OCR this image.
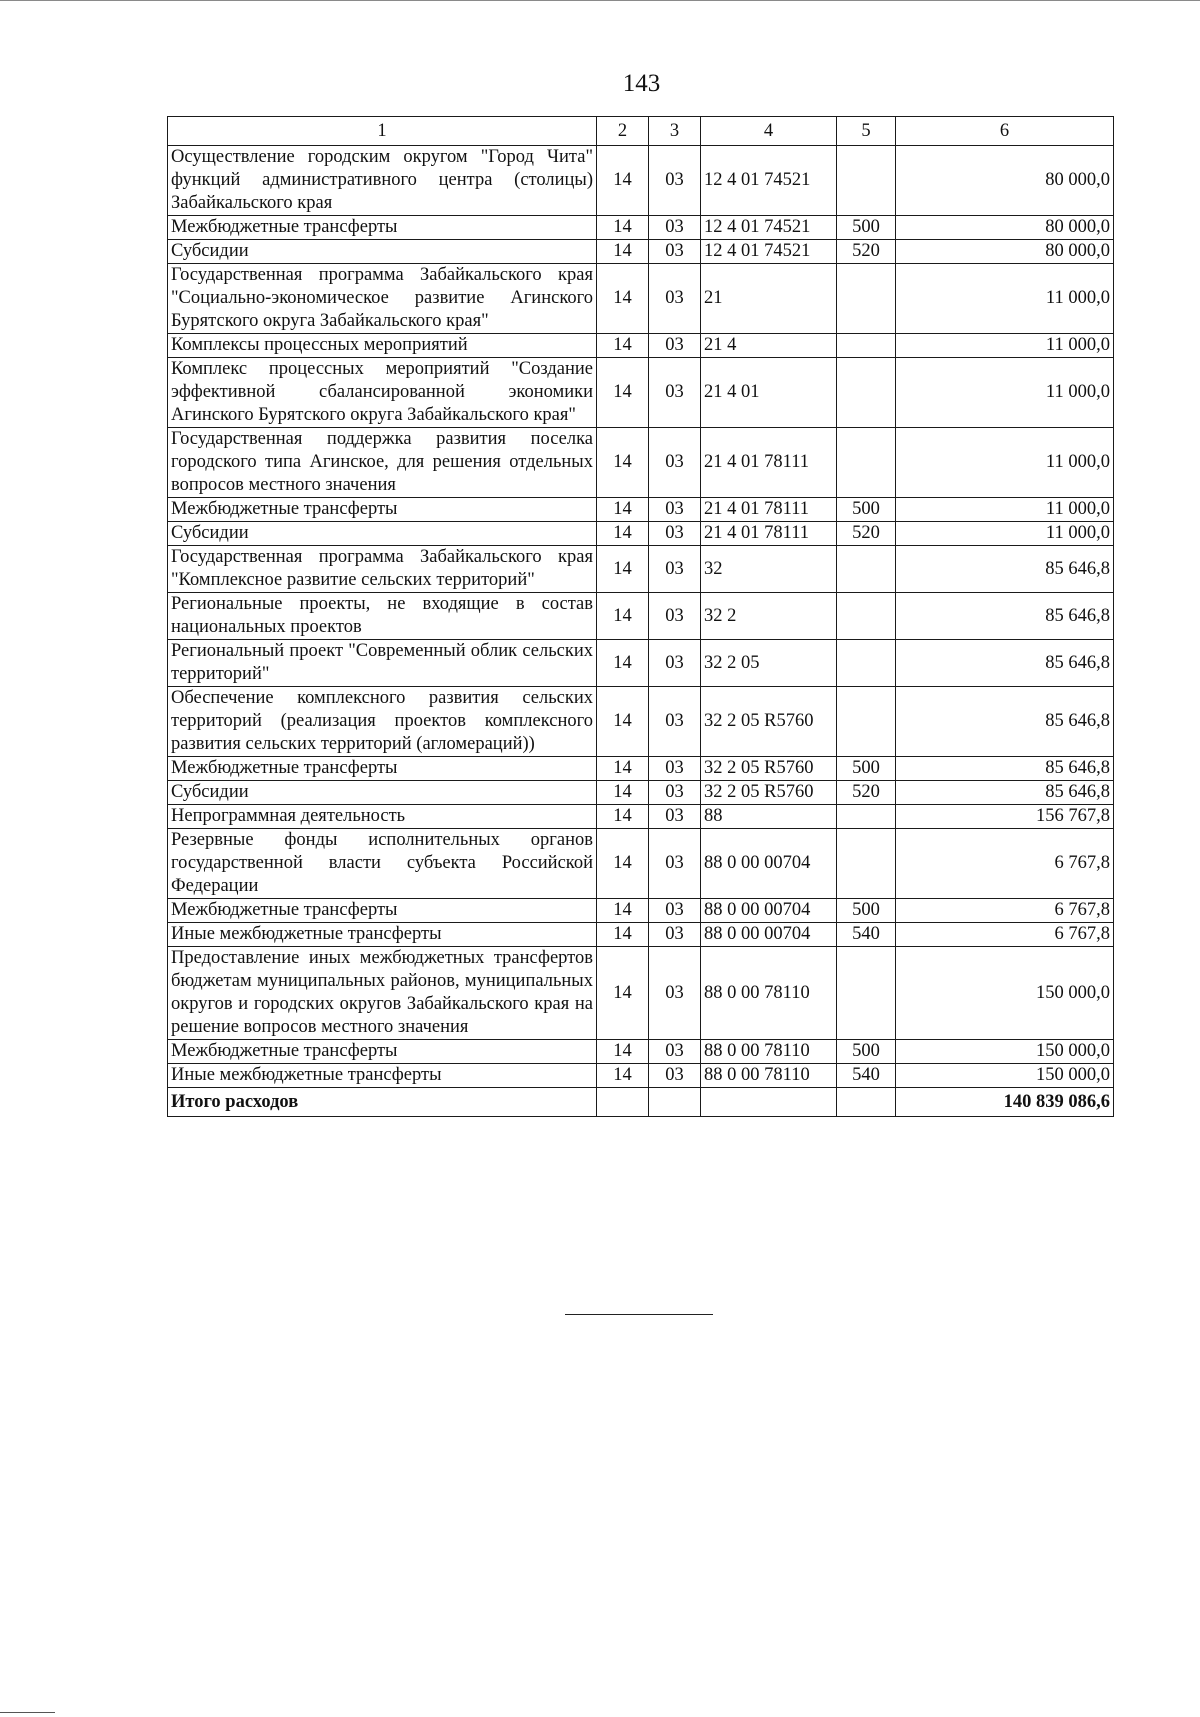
143
1	2	3	4	5	6
Осуществление городским округом "Город Чита" функций административного центра (столицы) Забайкальского края	14	03	12 4 01 74521		80 000,0
Межбюджетные трансферты	14	03	12 4 01 74521	500	80 000,0
Субсидии	14	03	12 4 01 74521	520	80 000,0
Государственная программа Забайкальского края "Социально-экономическое развитие Агинского Бурятского округа Забайкальского края"	14	03	21		11 000,0
Комплексы процессных мероприятий	14	03	21 4		11 000,0
Комплекс процессных мероприятий "Создание эффективной сбалансированной экономики Агинского Бурятского округа Забайкальского края"	14	03	21 4 01		11 000,0
Государственная поддержка развития поселка городского типа Агинское, для решения отдельных вопросов местного значения	14	03	21 4 01 78111		11 000,0
Межбюджетные трансферты	14	03	21 4 01 78111	500	11 000,0
Субсидии	14	03	21 4 01 78111	520	11 000,0
Государственная программа Забайкальского края "Комплексное развитие сельских территорий"	14	03	32		85 646,8
Региональные проекты, не входящие в состав национальных проектов	14	03	32 2		85 646,8
Региональный проект "Современный облик сельских территорий"	14	03	32 2 05		85 646,8
Обеспечение комплексного развития сельских территорий (реализация проектов комплексного развития сельских территорий (агломераций))	14	03	32 2 05 R5760		85 646,8
Межбюджетные трансферты	14	03	32 2 05 R5760	500	85 646,8
Субсидии	14	03	32 2 05 R5760	520	85 646,8
Непрограммная деятельность	14	03	88		156 767,8
Резервные фонды исполнительных органов государственной власти субъекта Российской Федерации	14	03	88 0 00 00704		6 767,8
Межбюджетные трансферты	14	03	88 0 00 00704	500	6 767,8
Иные межбюджетные трансферты	14	03	88 0 00 00704	540	6 767,8
Предоставление иных межбюджетных трансфертов бюджетам муниципальных районов, муниципальных округов и городских округов Забайкальского края на решение вопросов местного значения	14	03	88 0 00 78110		150 000,0
Межбюджетные трансферты	14	03	88 0 00 78110	500	150 000,0
Иные межбюджетные трансферты	14	03	88 0 00 78110	540	150 000,0
Итого расходов					140 839 086,6
